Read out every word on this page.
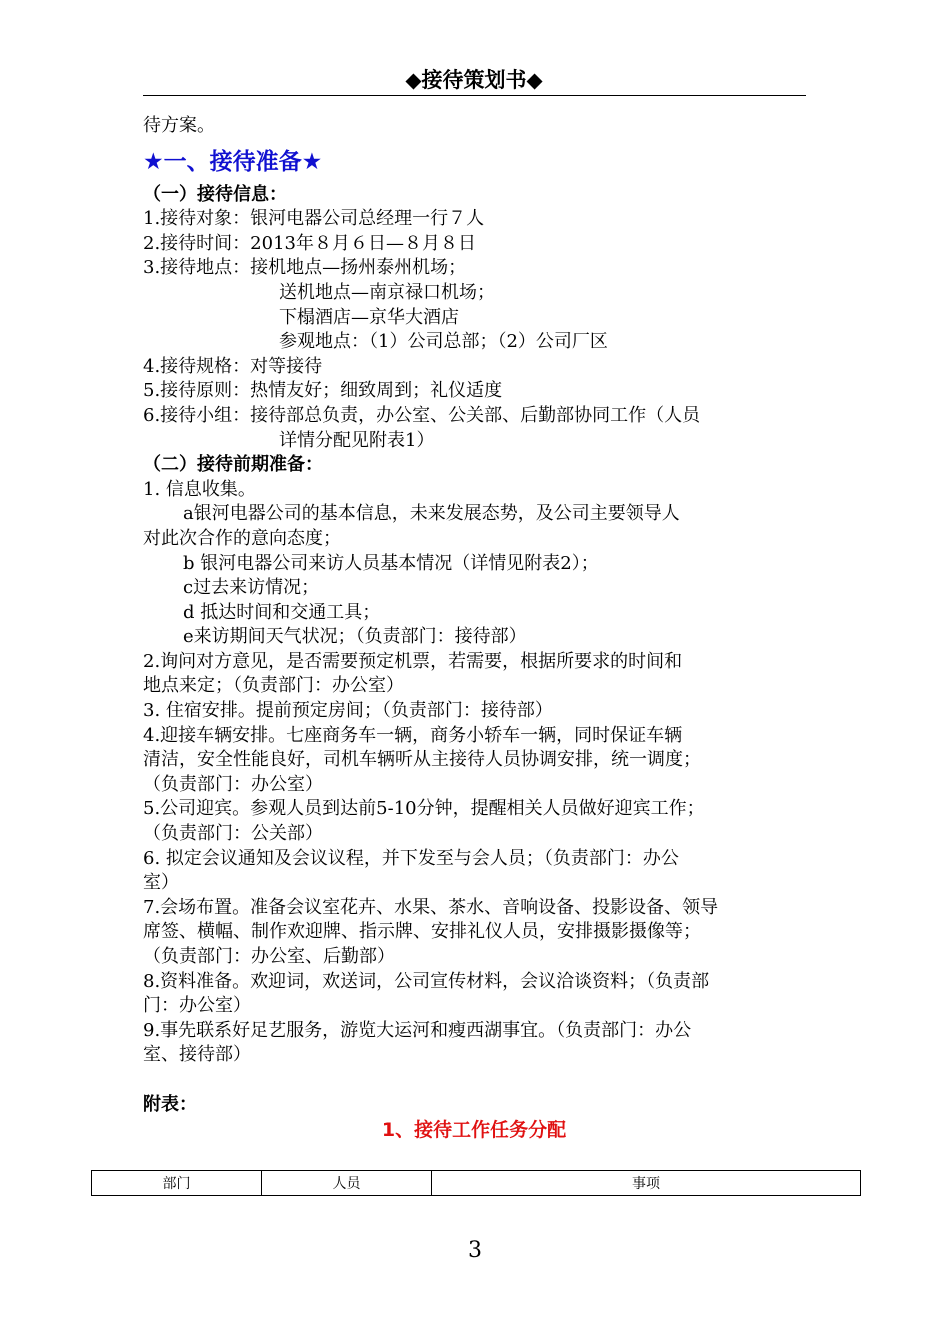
◆接待策划书◆

待方案。

★一、接待准备★

（一）接待信息：

1.接待对象：银河电器公司总经理一行７人

2.接待时间：2013年８月６日—８月８日

3.接待地点：接机地点—扬州泰州机场；

送机地点—南京禄口机场；

下榻酒店—京华大酒店

参观地点：（1）公司总部；（2）公司厂区

4.接待规格：对等接待

5.接待原则：热情友好；细致周到；礼仪适度

6.接待小组：接待部总负责，办公室、公关部、后勤部协同工作（人员

详情分配见附表1）

（二）接待前期准备：

1. 信息收集。

a银河电器公司的基本信息，未来发展态势，及公司主要领导人

对此次合作的意向态度；

b 银河电器公司来访人员基本情况（详情见附表2）；

c过去来访情况；

d 抵达时间和交通工具；

e来访期间天气状况；（负责部门：接待部）

2.询问对方意见，是否需要预定机票，若需要，根据所要求的时间和

地点来定；（负责部门：办公室）

3. 住宿安排。提前预定房间；（负责部门：接待部）

4.迎接车辆安排。七座商务车一辆，商务小轿车一辆，同时保证车辆

清洁，安全性能良好，司机车辆听从主接待人员协调安排，统一调度；

（负责部门：办公室）

5.公司迎宾。参观人员到达前5-10分钟，提醒相关人员做好迎宾工作；

（负责部门：公关部）

6. 拟定会议通知及会议议程，并下发至与会人员；（负责部门：办公

室）

7.会场布置。准备会议室花卉、水果、茶水、音响设备、投影设备、领导

席签、横幅、制作欢迎牌、指示牌、安排礼仪人员，安排摄影摄像等；

（负责部门：办公室、后勤部）

8.资料准备。欢迎词，欢送词，公司宣传材料，会议洽谈资料；（负责部

门：办公室）

9.事先联系好足艺服务，游览大运河和瘦西湖事宜。（负责部门：办公

室、接待部）

附表：

1、接待工作任务分配

部门	人员	事项
3
